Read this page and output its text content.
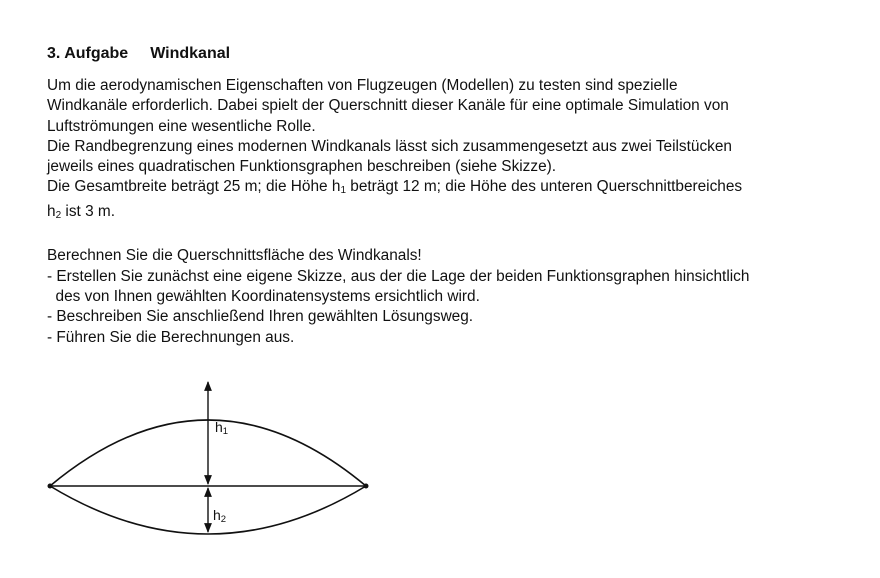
3. Aufgabe Windkanal
Um die aerodynamischen Eigenschaften von Flugzeugen (Modellen) zu testen sind spezielle
Windkanäle erforderlich. Dabei spielt der Querschnitt dieser Kanäle für eine optimale Simulation von
Luftströmungen eine wesentliche Rolle.
Die Randbegrenzung eines modernen Windkanals lässt sich zusammengesetzt aus zwei Teilstücken
jeweils eines quadratischen Funktionsgraphen beschreiben (siehe Skizze).
Die Gesamtbreite beträgt 25 m; die Höhe $h_1$ beträgt 12 m; die Höhe des unteren Querschnittbereiches
$h_2$ ist 3 m.
Berechnen Sie die Querschnittsfläche des Windkanals!
- Erstellen Sie zunächst eine eigene Skizze, aus der die Lage der beiden Funktionsgraphen hinsichtlich
des von Ihnen gewählten Koordinatensystems ersichtlich wird.
- Beschreiben Sie anschließend Ihren gewählten Lösungsweg.
- Führen Sie die Berechnungen aus.
h1
h2
